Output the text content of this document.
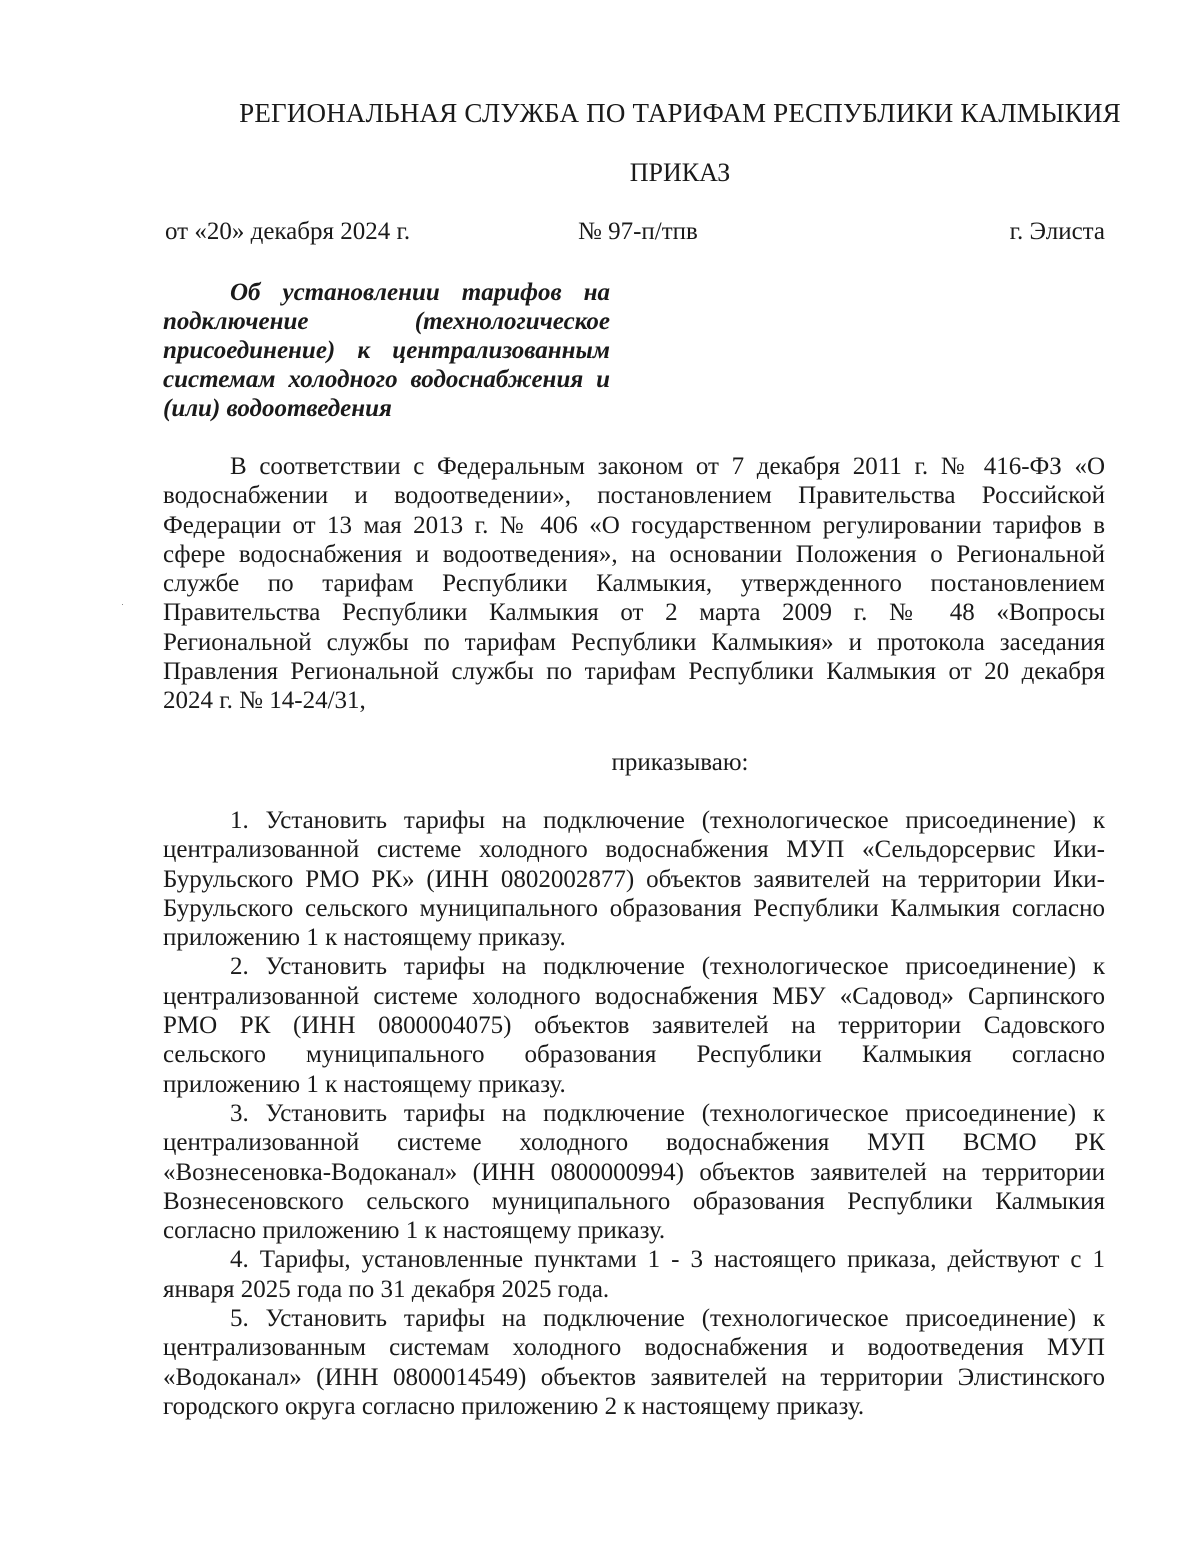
РЕГИОНАЛЬНАЯ СЛУЖБА ПО ТАРИФАМ РЕСПУБЛИКИ КАЛМЫКИЯ
ПРИКАЗ
от «20» декабря 2024 г.	№ 97-п/тпв	г. Элиста
Об установлении тарифов на
подключение (технологическое
присоединение) к централизованным
системам холодного водоснабжения и
(или) водоотведения
В соответствии с Федеральным законом от 7 декабря 2011 г. № 416-ФЗ «О
водоснабжении и водоотведении», постановлением Правительства Российской
Федерации от 13 мая 2013 г. № 406 «О государственном регулировании тарифов в
сфере водоснабжения и водоотведения», на основании Положения о Региональной
службе по тарифам Республики Калмыкия, утвержденного постановлением
Правительства Республики Калмыкия от 2 марта 2009 г. № 48 «Вопросы
Региональной службы по тарифам Республики Калмыкия» и протокола заседания
Правления Региональной службы по тарифам Республики Калмыкия от 20 декабря
2024 г. № 14-24/31,

приказываю:

1. Установить тарифы на подключение (технологическое присоединение) к
централизованной системе холодного водоснабжения МУП «Сельдорсервис Ики-
Бурульского РМО РК» (ИНН 0802002877) объектов заявителей на территории Ики-
Бурульского сельского муниципального образования Республики Калмыкия согласно
приложению 1 к настоящему приказу.
2. Установить тарифы на подключение (технологическое присоединение) к
централизованной системе холодного водоснабжения МБУ «Садовод» Сарпинского
РМО РК (ИНН 0800004075) объектов заявителей на территории Садовского
сельского муниципального образования Республики Калмыкия согласно
приложению 1 к настоящему приказу.
3. Установить тарифы на подключение (технологическое присоединение) к
централизованной системе холодного водоснабжения МУП ВСМО РК
«Вознесеновка-Водоканал» (ИНН 0800000994) объектов заявителей на территории
Вознесеновского сельского муниципального образования Республики Калмыкия
согласно приложению 1 к настоящему приказу.
4. Тарифы, установленные пунктами 1 - 3 настоящего приказа, действуют с 1
января 2025 года по 31 декабря 2025 года.
5. Установить тарифы на подключение (технологическое присоединение) к
централизованным системам холодного водоснабжения и водоотведения МУП
«Водоканал» (ИНН 0800014549) объектов заявителей на территории Элистинского
городского округа согласно приложению 2 к настоящему приказу.
